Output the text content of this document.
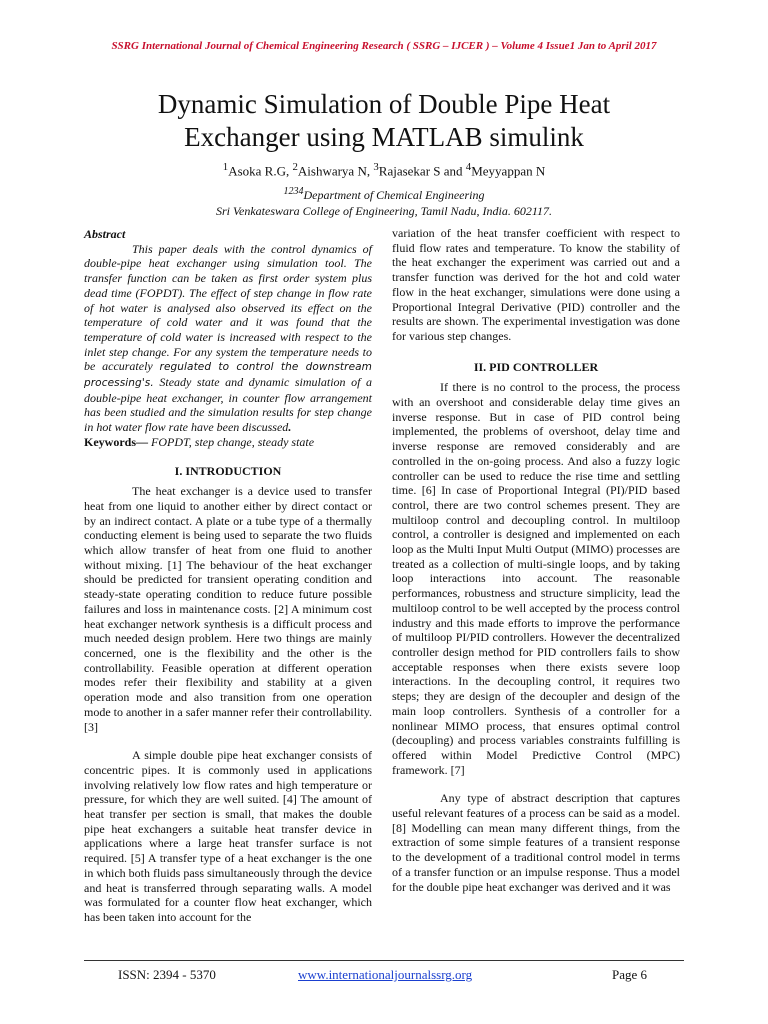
SSRG International Journal of Chemical Engineering Research ( SSRG – IJCER ) – Volume 4 Issue1 Jan to April 2017
Dynamic Simulation of Double Pipe Heat
Exchanger using MATLAB simulink
$^1$Asoka R.G, $^2$Aishwarya N, $^3$Rajasekar S and $^4$Meyyappan N
$^{1234}$Department of Chemical Engineering
Sri Venkateswara College of Engineering, Tamil Nadu, India. 602117.

Abstract

This paper deals with the control dynamics of double-pipe heat exchanger using simulation tool. The transfer function can be taken as first order system plus dead time (FOPDT). The effect of step change in flow rate of hot water is analysed also observed its effect on the temperature of cold water and it was found that the temperature of cold water is increased with respect to the inlet step change. For any system the temperature needs to be accurately regulated to control the downstream processing's. Steady state and dynamic simulation of a double-pipe heat exchanger, in counter flow arrangement has been studied and the simulation results for step change in hot water flow rate have been discussed.

Keywords— FOPDT, step change, steady state

I. INTRODUCTION

The heat exchanger is a device used to transfer heat from one liquid to another either by direct contact or by an indirect contact. A plate or a tube type of a thermally conducting element is being used to separate the two fluids which allow transfer of heat from one fluid to another without mixing. [1] The behaviour of the heat exchanger should be predicted for transient operating condition and steady-state operating condition to reduce future possible failures and loss in maintenance costs. [2] A minimum cost heat exchanger network synthesis is a difficult process and much needed design problem. Here two things are mainly concerned, one is the flexibility and the other is the controllability. Feasible operation at different operation modes refer their flexibility and stability at a given operation mode and also transition from one operation mode to another in a safer manner refer their controllability. [3]

A simple double pipe heat exchanger consists of concentric pipes. It is commonly used in applications involving relatively low flow rates and high temperature or pressure, for which they are well suited. [4] The amount of heat transfer per section is small, that makes the double pipe heat exchangers a suitable heat transfer device in applications where a large heat transfer surface is not required. [5] A transfer type of a heat exchanger is the one in which both fluids pass simultaneously through the device and heat is transferred through separating walls. A model was formulated for a counter flow heat exchanger, which has been taken into account for the

variation of the heat transfer coefficient with respect to fluid flow rates and temperature. To know the stability of the heat exchanger the experiment was carried out and a transfer function was derived for the hot and cold water flow in the heat exchanger, simulations were done using a Proportional Integral Derivative (PID) controller and the results are shown. The experimental investigation was done for various step changes.

II. PID CONTROLLER

If there is no control to the process, the process with an overshoot and considerable delay time gives an inverse response. But in case of PID control being implemented, the problems of overshoot, delay time and inverse response are removed considerably and are controlled in the on-going process. And also a fuzzy logic controller can be used to reduce the rise time and settling time. [6] In case of Proportional Integral (PI)/PID based control, there are two control schemes present. They are multiloop control and decoupling control. In multiloop control, a controller is designed and implemented on each loop as the Multi Input Multi Output (MIMO) processes are treated as a collection of multi-single loops, and by taking loop interactions into account. The reasonable performances, robustness and structure simplicity, lead the multiloop control to be well accepted by the process control industry and this made efforts to improve the performance of multiloop PI/PID controllers. However the decentralized controller design method for PID controllers fails to show acceptable responses when there exists severe loop interactions. In the decoupling control, it requires two steps; they are design of the decoupler and design of the main loop controllers. Synthesis of a controller for a nonlinear MIMO process, that ensures optimal control (decoupling) and process variables constraints fulfilling is offered within Model Predictive Control (MPC) framework. [7]

Any type of abstract description that captures useful relevant features of a process can be said as a model.[8] Modelling can mean many different things, from the extraction of some simple features of a transient response to the development of a traditional control model in terms of a transfer function or an impulse response. Thus a model for the double pipe heat exchanger was derived and it was

ISSN: 2394 - 5370	www.internationaljournalssrg.org	Page 6
